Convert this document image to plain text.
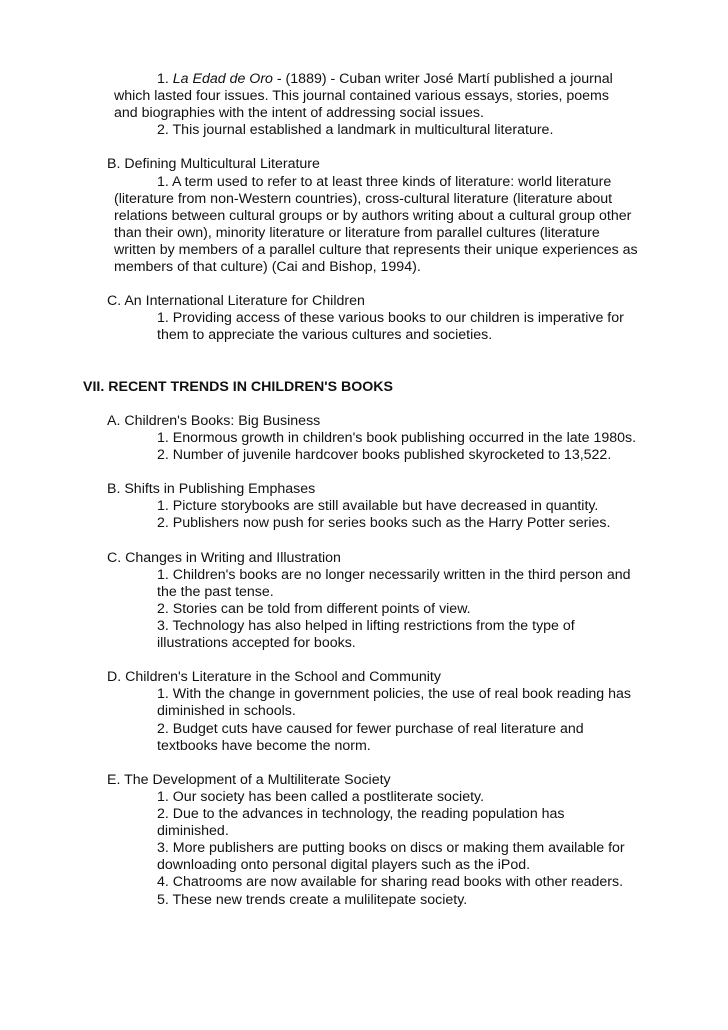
1. La Edad de Oro - (1889) - Cuban writer José Martí published a journal
which lasted four issues. This journal contained various essays, stories, poems
and biographies with the intent of addressing social issues.
2. This journal established a landmark in multicultural literature.
B. Defining Multicultural Literature
1. A term used to refer to at least three kinds of literature: world literature
(literature from non-Western countries), cross-cultural literature (literature about
relations between cultural groups or by authors writing about a cultural group other
than their own), minority literature or literature from parallel cultures (literature
written by members of a parallel culture that represents their unique experiences as
members of that culture) (Cai and Bishop, 1994).
C. An International Literature for Children
1. Providing access of these various books to our children is imperative for
them to appreciate the various cultures and societies.
VII. RECENT TRENDS IN CHILDREN'S BOOKS
A. Children's Books: Big Business
1. Enormous growth in children's book publishing occurred in the late 1980s.
2. Number of juvenile hardcover books published skyrocketed to 13,522.
B. Shifts in Publishing Emphases
1. Picture storybooks are still available but have decreased in quantity.
2. Publishers now push for series books such as the Harry Potter series.
C. Changes in Writing and Illustration
1. Children's books are no longer necessarily written in the third person and
the the past tense.
2. Stories can be told from different points of view.
3. Technology has also helped in lifting restrictions from the type of
illustrations accepted for books.
D. Children's Literature in the School and Community
1. With the change in government policies, the use of real book reading has
diminished in schools.
2. Budget cuts have caused for fewer purchase of real literature and
textbooks have become the norm.
E. The Development of a Multiliterate Society
1. Our society has been called a postliterate society.
2. Due to the advances in technology, the reading population has
diminished.
3. More publishers are putting books on discs or making them available for
downloading onto personal digital players such as the iPod.
4. Chatrooms are now available for sharing read books with other readers.
5. These new trends create a mulilitерate society.
